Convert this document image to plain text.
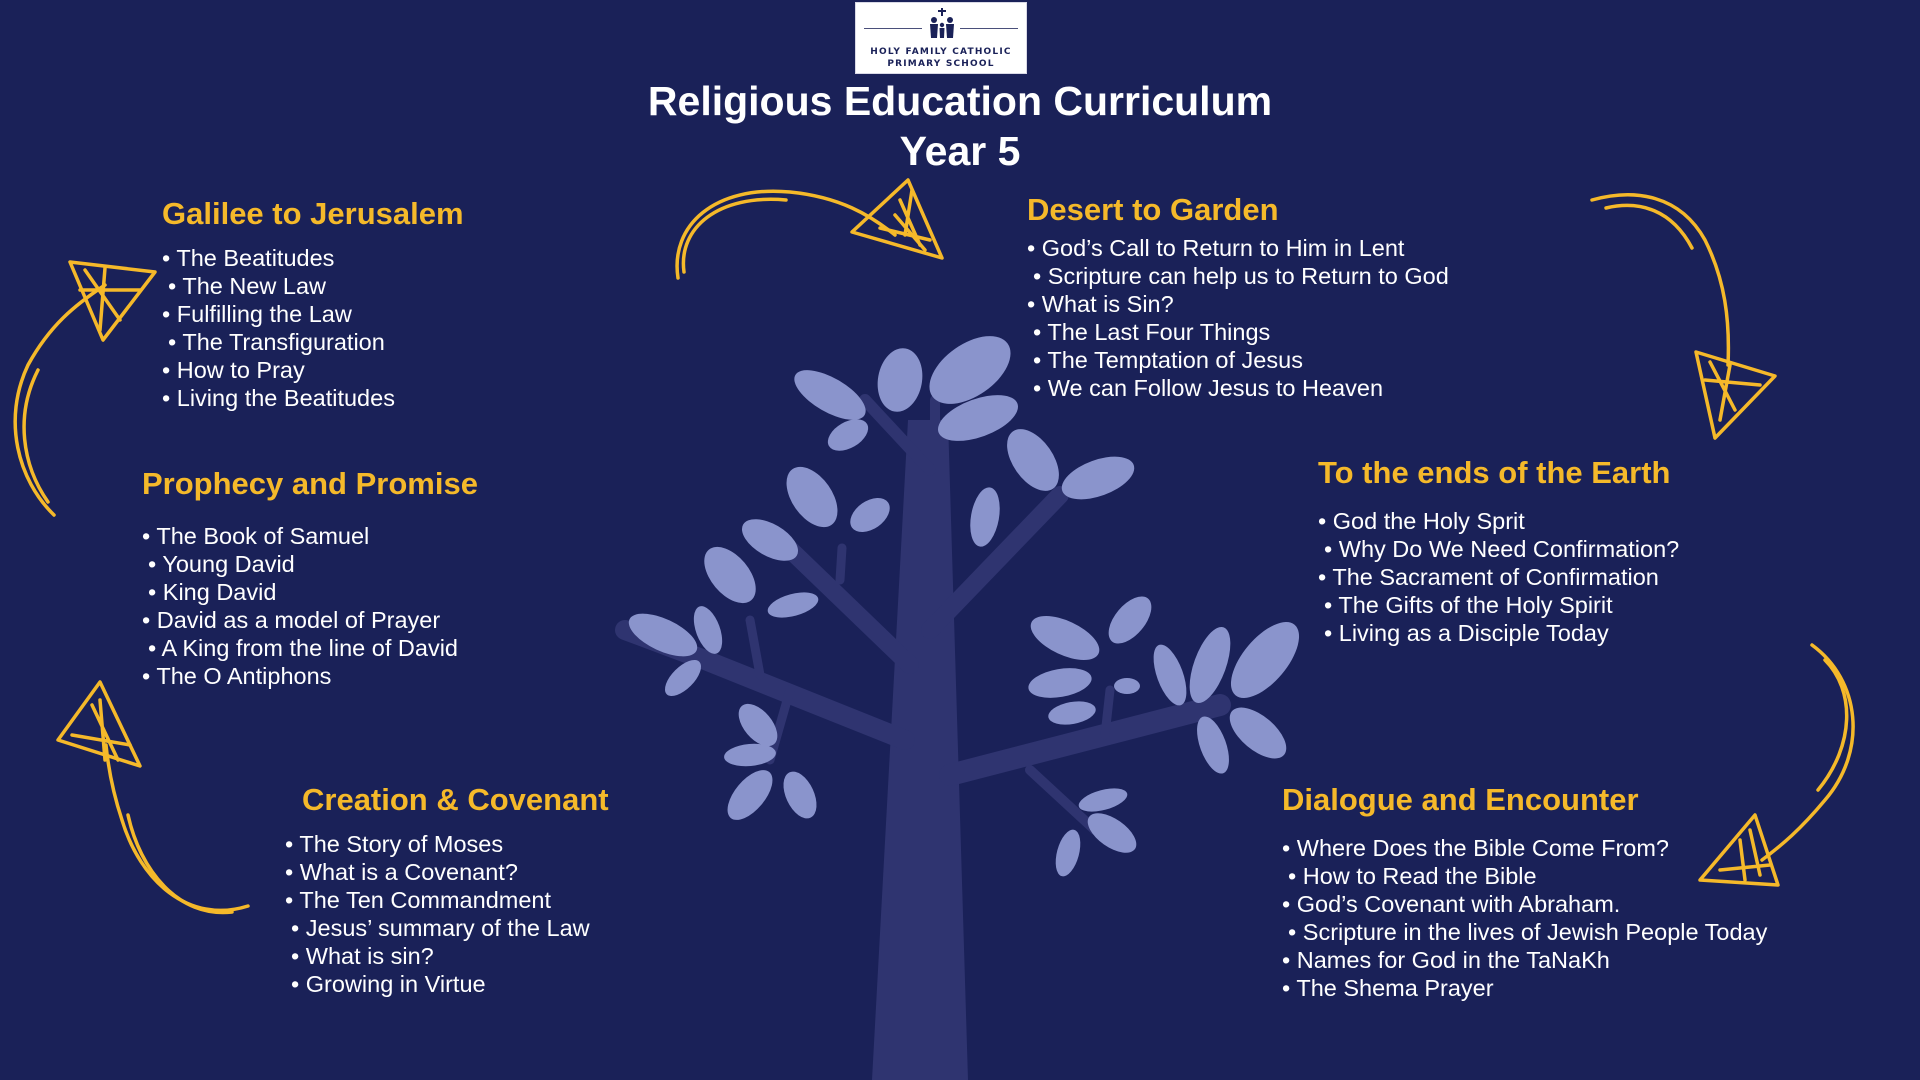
HOLY FAMILY CATHOLIC
PRIMARY SCHOOL
Religious Education Curriculum
Year 5
Galilee to Jerusalem
• The Beatitudes
• The New Law
• Fulfilling the Law
• The Transfiguration
• How to Pray
• Living the Beatitudes
Prophecy and Promise
• The Book of Samuel
• Young David
• King David
• David as a model of Prayer
• A King from the line of David
• The O Antiphons
Creation & Covenant
• The Story of Moses
• What is a Covenant?
• The Ten Commandment
• Jesus’ summary of the Law
• What is sin?
• Growing in Virtue
Desert to Garden
• God’s Call to Return to Him in Lent
• Scripture can help us to Return to God
• What is Sin?
• The Last Four Things
• The Temptation of Jesus
• We can Follow Jesus to Heaven
To the ends of the Earth
• God the Holy Sprit
• Why Do We Need Confirmation?
• The Sacrament of Confirmation
• The Gifts of the Holy Spirit
• Living as a Disciple Today
Dialogue and Encounter
• Where Does the Bible Come From?
• How to Read the Bible
• God’s Covenant with Abraham.
• Scripture in the lives of Jewish People Today
• Names for God in the TaNaKh
• The Shema Prayer
